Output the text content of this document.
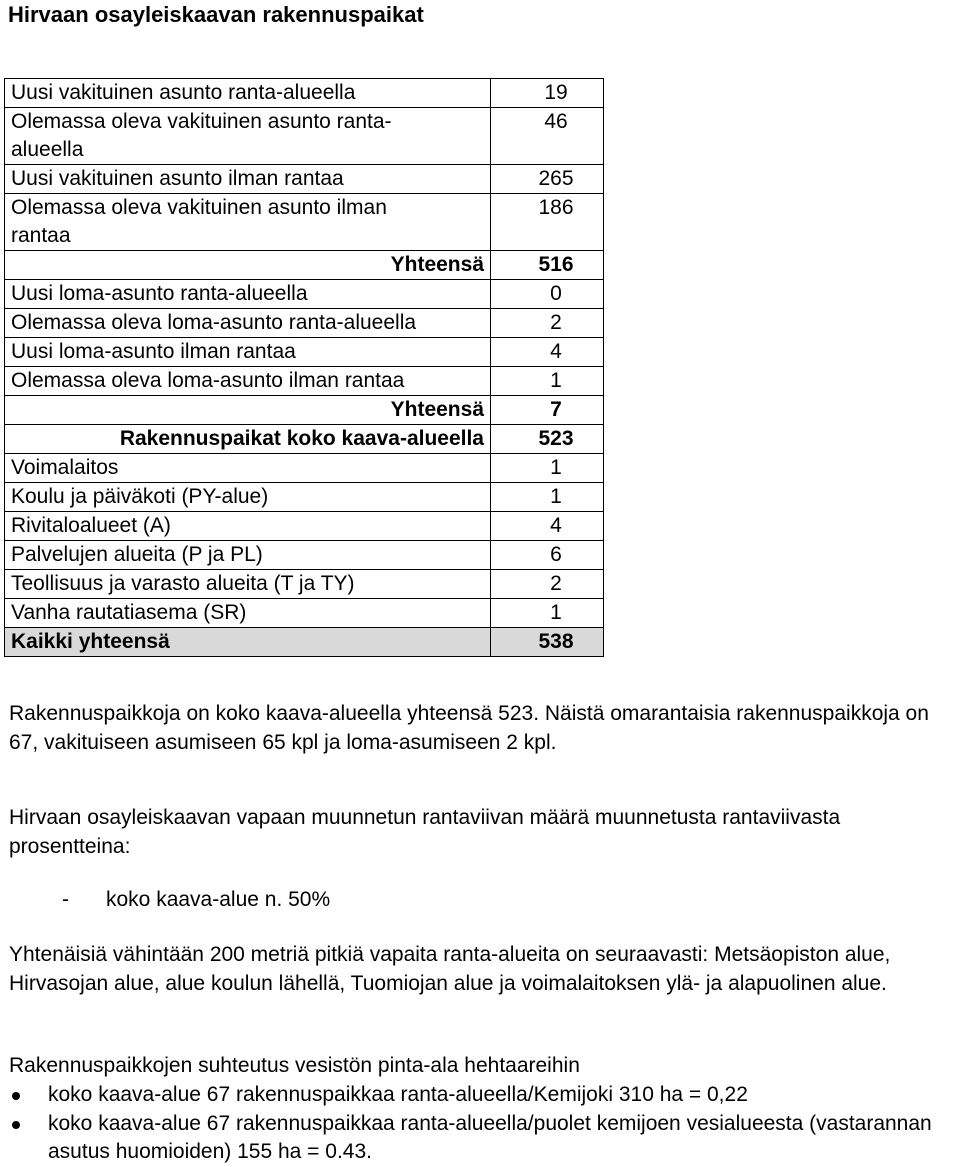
Hirvaan osayleiskaavan rakennuspaikat
Uusi vakituinen asunto ranta-alueella	19
Olemassa oleva vakituinen asunto ranta-
alueella	46
Uusi vakituinen asunto ilman rantaa	265
Olemassa oleva vakituinen asunto ilman
rantaa	186
Yhteensä	516
Uusi loma-asunto ranta-alueella	0
Olemassa oleva loma-asunto ranta-alueella	2
Uusi loma-asunto ilman rantaa	4
Olemassa oleva loma-asunto ilman rantaa	1
Yhteensä	7
Rakennuspaikat koko kaava-alueella	523
Voimalaitos	1
Koulu ja päiväkoti (PY-alue)	1
Rivitaloalueet (A)	4
Palvelujen alueita (P ja PL)	6
Teollisuus ja varasto alueita (T ja TY)	2
Vanha rautatiasema (SR)	1
Kaikki yhteensä	538
Rakennuspaikkoja on koko kaava-alueella yhteensä 523. Näistä omarantaisia rakennuspaikkoja on 67, vakituiseen asumiseen 65 kpl ja loma-asumiseen 2 kpl.
Hirvaan osayleiskaavan vapaan muunnetun rantaviivan määrä muunnetusta rantaviivasta prosentteina:
- koko kaava-alue n. 50%
Yhtenäisiä vähintään 200 metriä pitkiä vapaita ranta-alueita on seuraavasti: Metsäopiston alue, Hirvasojan alue, alue koulun lähellä, Tuomiojan alue ja voimalaitoksen ylä- ja alapuolinen alue.
Rakennuspaikkojen suhteutus vesistön pinta-ala hehtaareihin
koko kaava-alue 67 rakennuspaikkaa ranta-alueella/Kemijoki 310 ha = 0,22
koko kaava-alue 67 rakennuspaikkaa ranta-alueella/puolet kemijoen vesialueesta (vastarannan asutus huomioiden) 155 ha = 0.43.
